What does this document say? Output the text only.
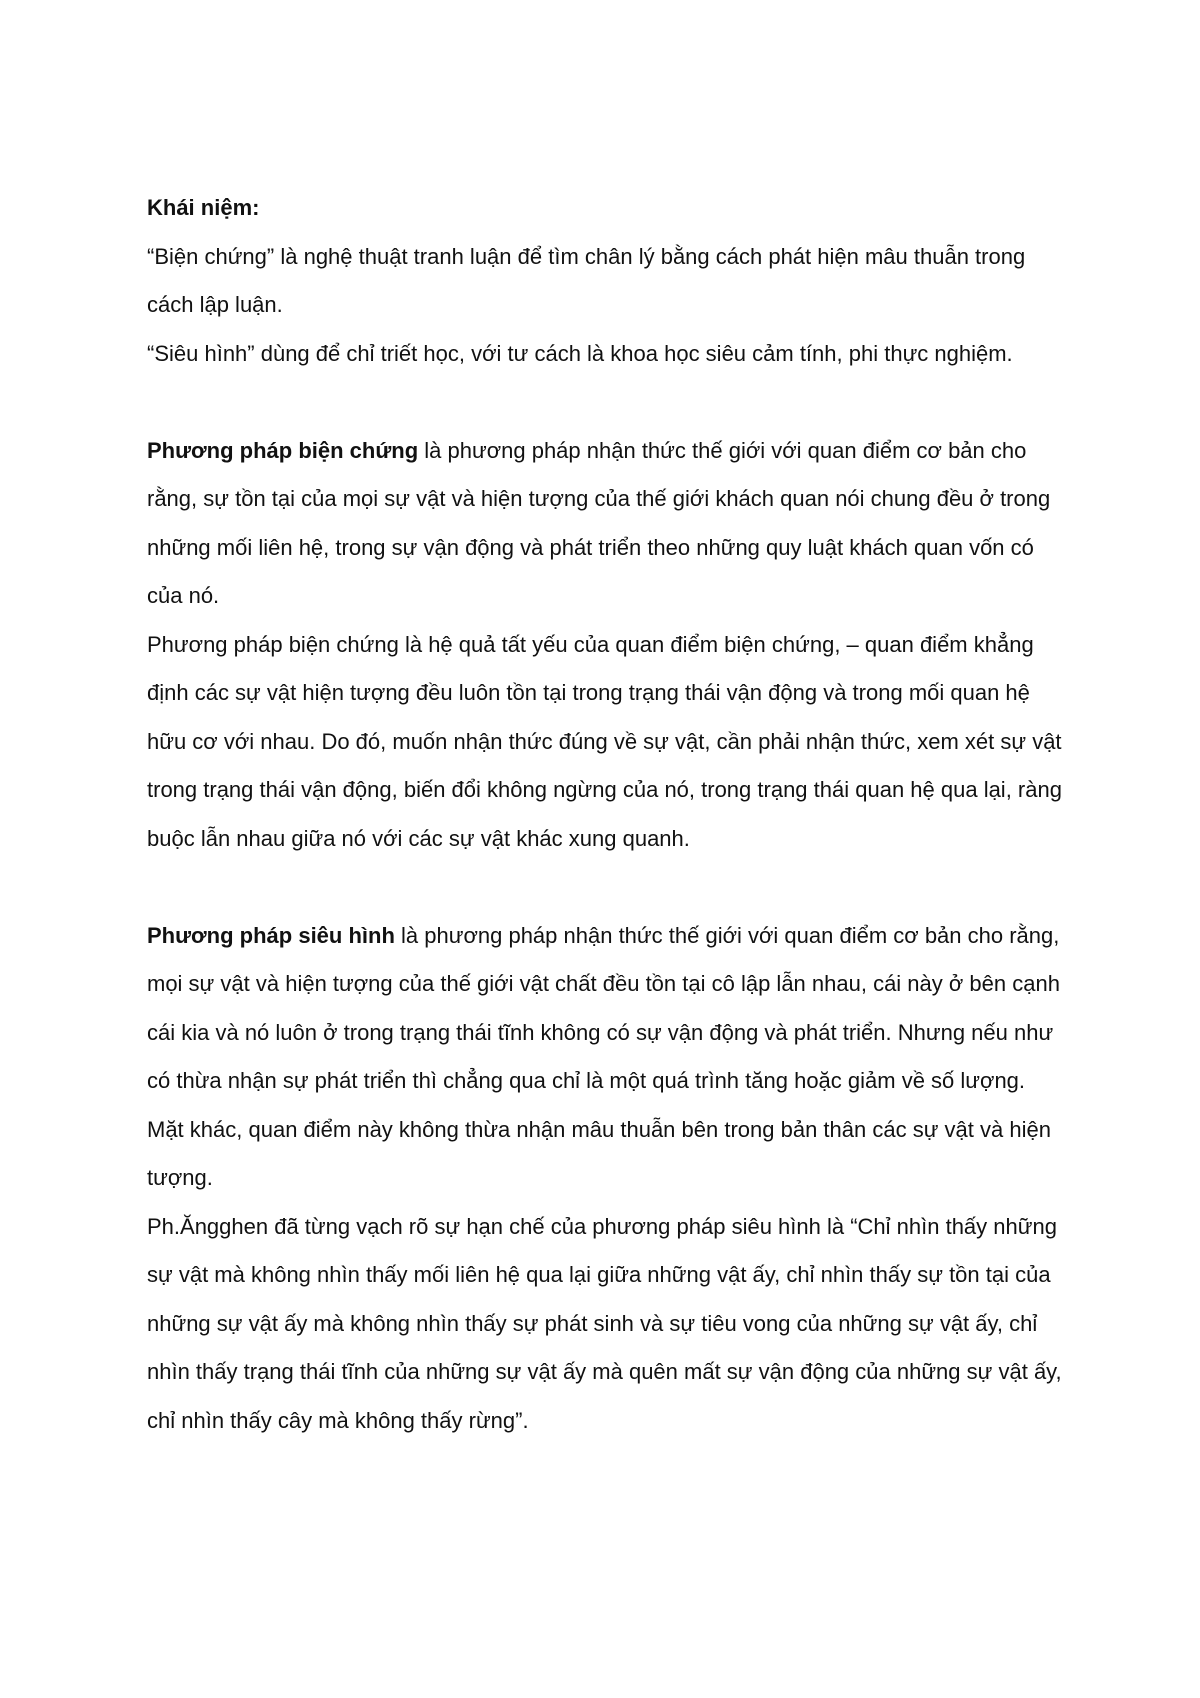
Khái niệm:

“Biện chứng” là nghệ thuật tranh luận để tìm chân lý bằng cách phát hiện mâu thuẫn trong cách lập luận.

“Siêu hình” dùng để chỉ triết học, với tư cách là khoa học siêu cảm tính, phi thực nghiệm.

Phương pháp biện chứng là phương pháp nhận thức thế giới với quan điểm cơ bản cho rằng, sự tồn tại của mọi sự vật và hiện tượng của thế giới khách quan nói chung đều ở trong những mối liên hệ, trong sự vận động và phát triển theo những quy luật khách quan vốn có của nó.

Phương pháp biện chứng là hệ quả tất yếu của quan điểm biện chứng, – quan điểm khẳng định các sự vật hiện tượng đều luôn tồn tại trong trạng thái vận động và trong mối quan hệ hữu cơ với nhau. Do đó, muốn nhận thức đúng về sự vật, cần phải nhận thức, xem xét sự vật trong trạng thái vận động, biến đổi không ngừng của nó, trong trạng thái quan hệ qua lại, ràng buộc lẫn nhau giữa nó với các sự vật khác xung quanh.

Phương pháp siêu hình là phương pháp nhận thức thế giới với quan điểm cơ bản cho rằng, mọi sự vật và hiện tượng của thế giới vật chất đều tồn tại cô lập lẫn nhau, cái này ở bên cạnh cái kia và nó luôn ở trong trạng thái tĩnh không có sự vận động và phát triển. Nhưng nếu như có thừa nhận sự phát triển thì chẳng qua chỉ là một quá trình tăng hoặc giảm về số lượng. Mặt khác, quan điểm này không thừa nhận mâu thuẫn bên trong bản thân các sự vật và hiện tượng.

Ph.Ăngghen đã từng vạch rõ sự hạn chế của phương pháp siêu hình là “Chỉ nhìn thấy những sự vật mà không nhìn thấy mối liên hệ qua lại giữa những vật ấy, chỉ nhìn thấy sự tồn tại của những sự vật ấy mà không nhìn thấy sự phát sinh và sự tiêu vong của những sự vật ấy, chỉ nhìn thấy trạng thái tĩnh của những sự vật ấy mà quên mất sự vận động của những sự vật ấy, chỉ nhìn thấy cây mà không thấy rừng”.
